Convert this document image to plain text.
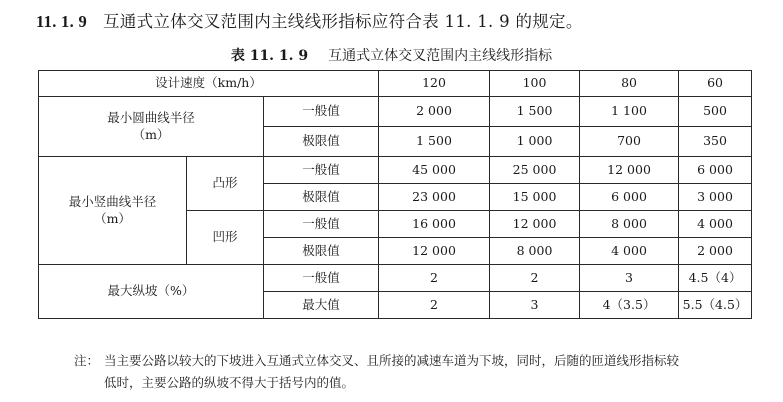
11. 1. 9 互通式立体交叉范围内主线线形指标应符合表 11. 1. 9 的规定。
表 11. 1. 9 互通式立体交叉范围内主线线形指标
设计速度（km/h）			120	100	80	60

最小圆曲线半径
（m）		一般值	2 000	1 500	1 100	500
		极限值	1 500	1 000	700	350

最小竖曲线半径
（m）	凸形	一般值	45 000	25 000	12 000	6 000
		极限值	23 000	15 000	6 000	3 000
	凹形	一般值	16 000	12 000	8 000	4 000
		极限值	12 000	8 000	4 000	2 000
最大纵坡（%）		一般值	2	2	3	4.5（4）
		最大值	2	3	4（3.5）	5.5（4.5）
注： 当主要公路以较大的下坡进入互通式立体交叉、且所接的减速车道为下坡，同时，后随的匝道线形指标较
低时，主要公路的纵坡不得大于括号内的值。
